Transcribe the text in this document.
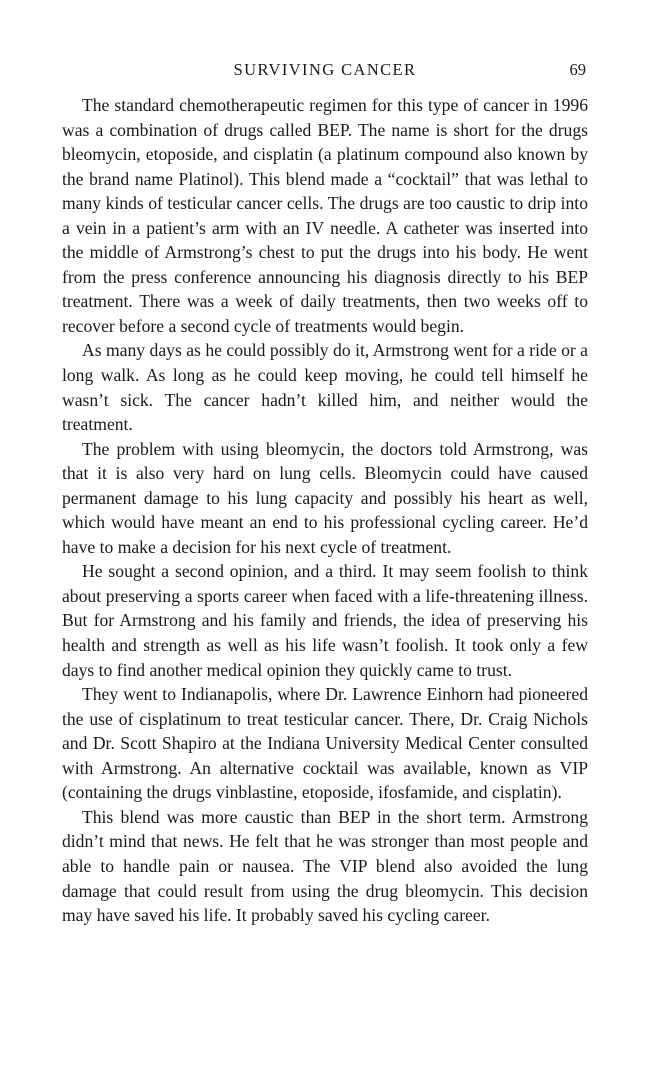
SURVIVING CANCER	69

The standard chemotherapeutic regimen for this type of cancer in 1996 was a combination of drugs called BEP. The name is short for the drugs bleomycin, etoposide, and cisplatin (a platinum compound also known by the brand name Platinol). This blend made a “cocktail” that was lethal to many kinds of testicular cancer cells. The drugs are too caustic to drip into a vein in a patient’s arm with an IV needle. A catheter was inserted into the middle of Armstrong’s chest to put the drugs into his body. He went from the press conference announcing his diagnosis directly to his BEP treatment. There was a week of daily treatments, then two weeks off to recover before a second cycle of treatments would begin.

As many days as he could possibly do it, Armstrong went for a ride or a long walk. As long as he could keep moving, he could tell himself he wasn’t sick. The cancer hadn’t killed him, and neither would the treatment.

The problem with using bleomycin, the doctors told Armstrong, was that it is also very hard on lung cells. Bleomycin could have caused permanent damage to his lung capacity and possibly his heart as well, which would have meant an end to his professional cycling career. He’d have to make a decision for his next cycle of treatment.

He sought a second opinion, and a third. It may seem foolish to think about preserving a sports career when faced with a life-threatening illness. But for Armstrong and his family and friends, the idea of preserving his health and strength as well as his life wasn’t foolish. It took only a few days to find another medical opinion they quickly came to trust.

They went to Indianapolis, where Dr. Lawrence Einhorn had pioneered the use of cisplatinum to treat testicular cancer. There, Dr. Craig Nichols and Dr. Scott Shapiro at the Indiana University Medical Center consulted with Armstrong. An alternative cocktail was available, known as VIP (containing the drugs vinblastine, etoposide, ifosfamide, and cisplatin).

This blend was more caustic than BEP in the short term. Armstrong didn’t mind that news. He felt that he was stronger than most people and able to handle pain or nausea. The VIP blend also avoided the lung damage that could result from using the drug bleomycin. This decision may have saved his life. It probably saved his cycling career.
